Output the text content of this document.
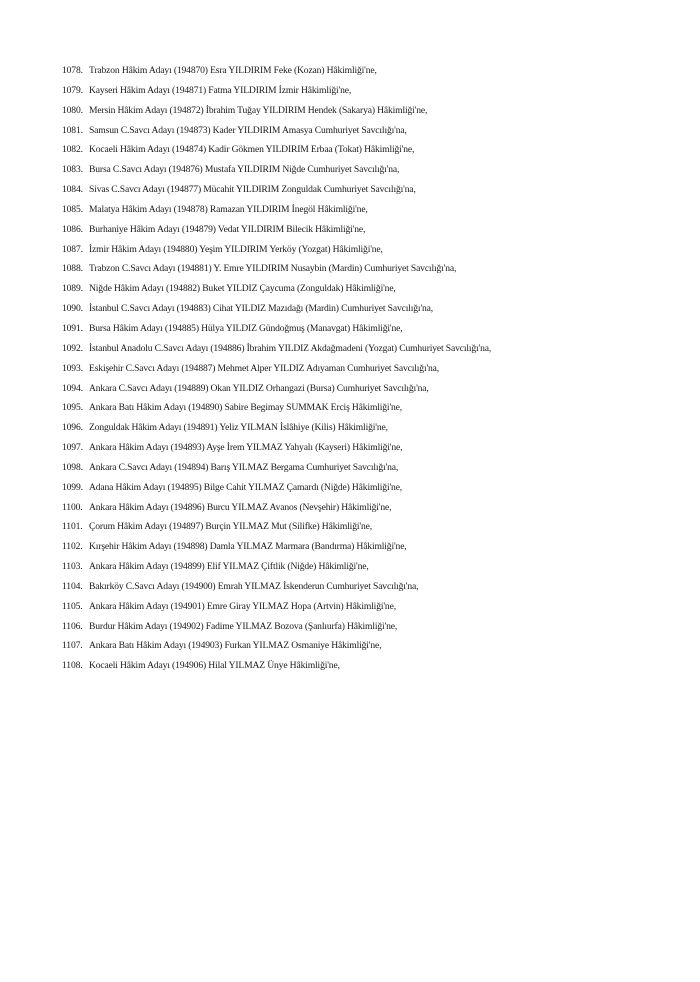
1078. Trabzon Hâkim Adayı (194870) Esra YILDIRIM Feke (Kozan) Hâkimliği'ne,
1079. Kayseri Hâkim Adayı (194871) Fatma YILDIRIM İzmir Hâkimliği'ne,
1080. Mersin Hâkim Adayı (194872) İbrahim Tuğay YILDIRIM Hendek (Sakarya) Hâkimliği'ne,
1081. Samsun C.Savcı Adayı (194873) Kader YILDIRIM Amasya Cumhuriyet Savcılığı'na,
1082. Kocaeli Hâkim Adayı (194874) Kadir Gökmen YILDIRIM Erbaa (Tokat) Hâkimliği'ne,
1083. Bursa C.Savcı Adayı (194876) Mustafa YILDIRIM Niğde Cumhuriyet Savcılığı'na,
1084. Sivas C.Savcı Adayı (194877) Mücahit YILDIRIM Zonguldak Cumhuriyet Savcılığı'na,
1085. Malatya Hâkim Adayı (194878) Ramazan YILDIRIM İnegöl Hâkimliği'ne,
1086. Burhaniye Hâkim Adayı (194879) Vedat YILDIRIM Bilecik Hâkimliği'ne,
1087. İzmir Hâkim Adayı (194880) Yeşim YILDIRIM Yerköy (Yozgat) Hâkimliği'ne,
1088. Trabzon C.Savcı Adayı (194881) Y. Emre YILDIRIM Nusaybin (Mardin) Cumhuriyet Savcılığı'na,
1089. Niğde Hâkim Adayı (194882) Buket YILDIZ Çaycuma (Zonguldak) Hâkimliği'ne,
1090. İstanbul C.Savcı Adayı (194883) Cihat YILDIZ Mazıdağı (Mardin) Cumhuriyet Savcılığı'na,
1091. Bursa Hâkim Adayı (194885) Hülya YILDIZ Gündoğmuş (Manavgat) Hâkimliği'ne,
1092. İstanbul Anadolu C.Savcı Adayı (194886) İbrahim YILDIZ Akdağmadeni (Yozgat) Cumhuriyet Savcılığı'na,
1093. Eskişehir C.Savcı Adayı (194887) Mehmet Alper YILDIZ Adıyaman Cumhuriyet Savcılığı'na,
1094. Ankara C.Savcı Adayı (194889) Okan YILDIZ Orhangazi (Bursa) Cumhuriyet Savcılığı'na,
1095. Ankara Batı Hâkim Adayı (194890) Sabire Begimay SUMMAK Erciş Hâkimliği'ne,
1096. Zonguldak Hâkim Adayı (194891) Yeliz YILMAN İslâhiye (Kilis) Hâkimliği'ne,
1097. Ankara Hâkim Adayı (194893) Ayşe İrem YILMAZ Yahyalı (Kayseri) Hâkimliği'ne,
1098. Ankara C.Savcı Adayı (194894) Barış YILMAZ Bergama Cumhuriyet Savcılığı'na,
1099. Adana Hâkim Adayı (194895) Bilge Cahit YILMAZ Çamardı (Niğde) Hâkimliği'ne,
1100. Ankara Hâkim Adayı (194896) Burcu YILMAZ Avanos (Nevşehir) Hâkimliği'ne,
1101. Çorum Hâkim Adayı (194897) Burçin YILMAZ Mut (Silifke) Hâkimliği'ne,
1102. Kırşehir Hâkim Adayı (194898) Damla YILMAZ Marmara (Bandırma) Hâkimliği'ne,
1103. Ankara Hâkim Adayı (194899) Elif YILMAZ Çiftlik (Niğde) Hâkimliği'ne,
1104. Bakırköy C.Savcı Adayı (194900) Emrah YILMAZ İskenderun Cumhuriyet Savcılığı'na,
1105. Ankara Hâkim Adayı (194901) Emre Giray YILMAZ Hopa (Artvin) Hâkimliği'ne,
1106. Burdur Hâkim Adayı (194902) Fadime YILMAZ Bozova (Şanlıurfa) Hâkimliği'ne,
1107. Ankara Batı Hâkim Adayı (194903) Furkan YILMAZ Osmaniye Hâkimliği'ne,
1108. Kocaeli Hâkim Adayı (194906) Hilal YILMAZ Ünye Hâkimliği'ne,
